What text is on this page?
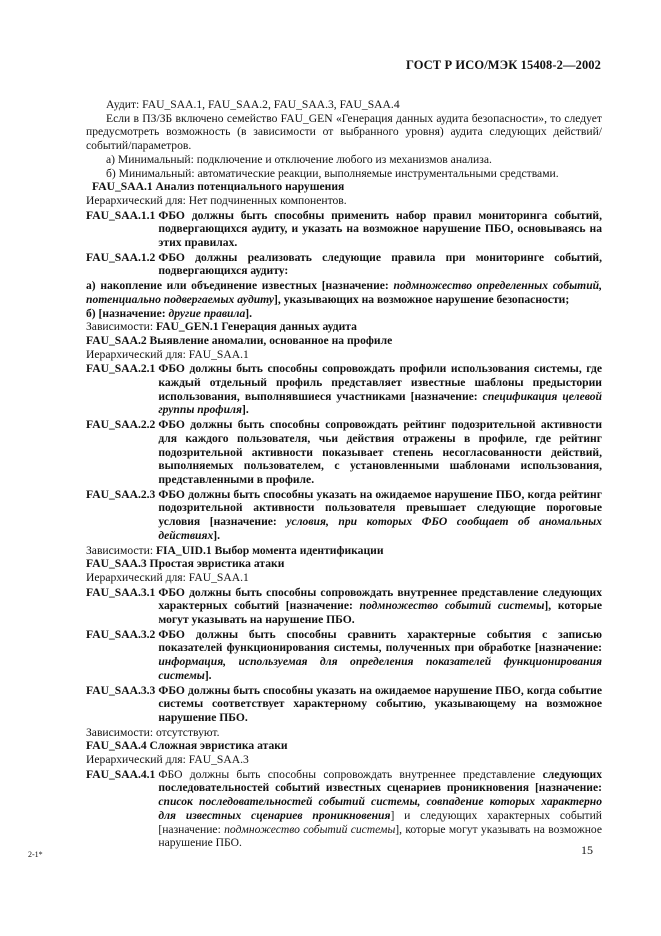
ГОСТ Р ИСО/МЭК 15408-2—2002

Аудит: FAU_SAA.1, FAU_SAA.2, FAU_SAA.3, FAU_SAA.4

Если в ПЗ/ЗБ включено семейство FAU_GEN «Генерация данных аудита безопасности», то следует предусмотреть возможность (в зависимости от выбранного уровня) аудита следующих действий/событий/параметров.

а) Минимальный: подключение и отключение любого из механизмов анализа.

б) Минимальный: автоматические реакции, выполняемые инструментальными средствами.

FAU_SAA.1 Анализ потенциального нарушения

Иерархический для: Нет подчиненных компонентов.

FAU_SAA.1.1 ФБО должны быть способны применить набор правил мониторинга событий, подвергающихся аудиту, и указать на возможное нарушение ПБО, основываясь на этих правилах.
FAU_SAA.1.2 ФБО должны реализовать следующие правила при мониторинге событий, подвергающихся аудиту:

а) накопление или объединение известных [назначение: подмножество определенных событий, потенциально подвергаемых аудиту], указывающих на возможное нарушение безопасности;

б) [назначение: другие правила].

Зависимости: FAU_GEN.1 Генерация данных аудита

FAU_SAA.2 Выявление аномалии, основанное на профиле

Иерархический для: FAU_SAA.1

FAU_SAA.2.1 ФБО должны быть способны сопровождать профили использования системы, где каждый отдельный профиль представляет известные шаблоны предыстории использования, выполнявшиеся участниками [назначение: спецификация целевой группы профиля].
FAU_SAA.2.2 ФБО должны быть способны сопровождать рейтинг подозрительной активности для каждого пользователя, чьи действия отражены в профиле, где рейтинг подозрительной активности показывает степень несогласованности действий, выполняемых пользователем, с установленными шаблонами использования, представленными в профиле.
FAU_SAA.2.3 ФБО должны быть способны указать на ожидаемое нарушение ПБО, когда рейтинг подозрительной активности пользователя превышает следующие пороговые условия [назначение: условия, при которых ФБО сообщает об аномальных действиях].

Зависимости: FIA_UID.1 Выбор момента идентификации

FAU_SAA.3 Простая эвристика атаки

Иерархический для: FAU_SAA.1

FAU_SAA.3.1 ФБО должны быть способны сопровождать внутреннее представление следующих характерных событий [назначение: подмножество событий системы], которые могут указывать на нарушение ПБО.
FAU_SAA.3.2 ФБО должны быть способны сравнить характерные события с записью показателей функционирования системы, полученных при обработке [назначение: информация, используемая для определения показателей функционирования системы].
FAU_SAA.3.3 ФБО должны быть способны указать на ожидаемое нарушение ПБО, когда событие системы соответствует характерному событию, указывающему на возможное нарушение ПБО.

Зависимости: отсутствуют.

FAU_SAA.4 Сложная эвристика атаки

Иерархический для: FAU_SAA.3

FAU_SAA.4.1 ФБО должны быть способны сопровождать внутреннее представление следующих последовательностей событий известных сценариев проникновения [назначение: список последовательностей событий системы, совпадение которых характерно для известных сценариев проникновения] и следующих характерных событий [назначение: подмножество событий системы], которые могут указывать на возможное нарушение ПБО.
2-1*	15
